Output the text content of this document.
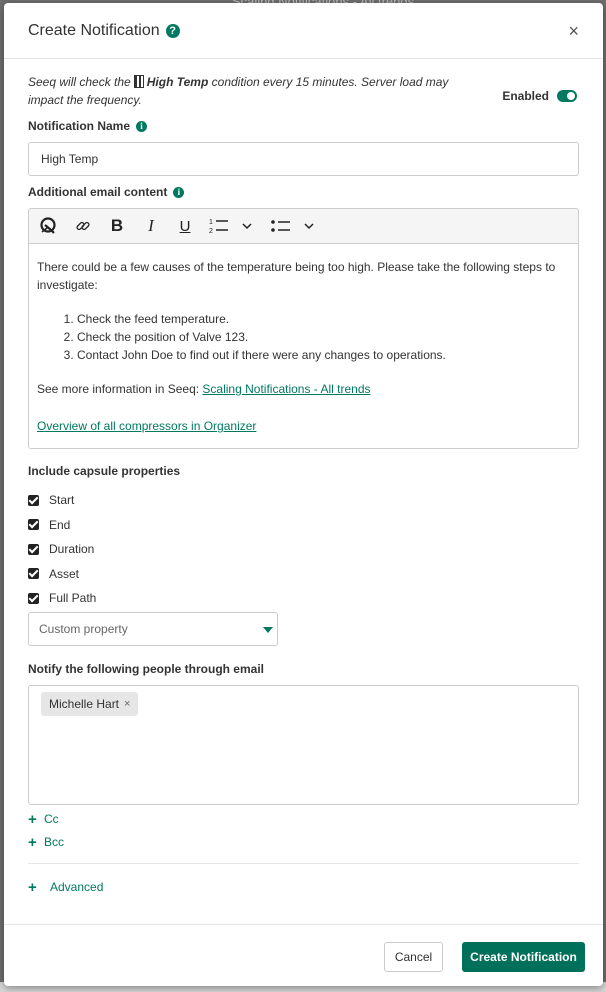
Create Notification ?	×
Seeq will check the High Temp condition every 15 minutes. Server load may impact the frequency.	Enabled
Notification Name	i
High Temp
Additional email content	i
B	I	U	1
2

There could be a few causes of the temperature being too high. Please take the following steps to investigate:

1. Check the feed temperature.
2. Check the position of Valve 123.
3. Contact John Doe to find out if there were any changes to operations.

See more information in Seeq: Scaling Notifications - All trends

Overview of all compressors in Organizer

Include capsule properties
Start
End
Duration
Asset
Full Path
Custom property
Notify the following people through email
Michelle Hart ×
+ Cc
+ Bcc
+ Advanced
Cancel	Create Notification
